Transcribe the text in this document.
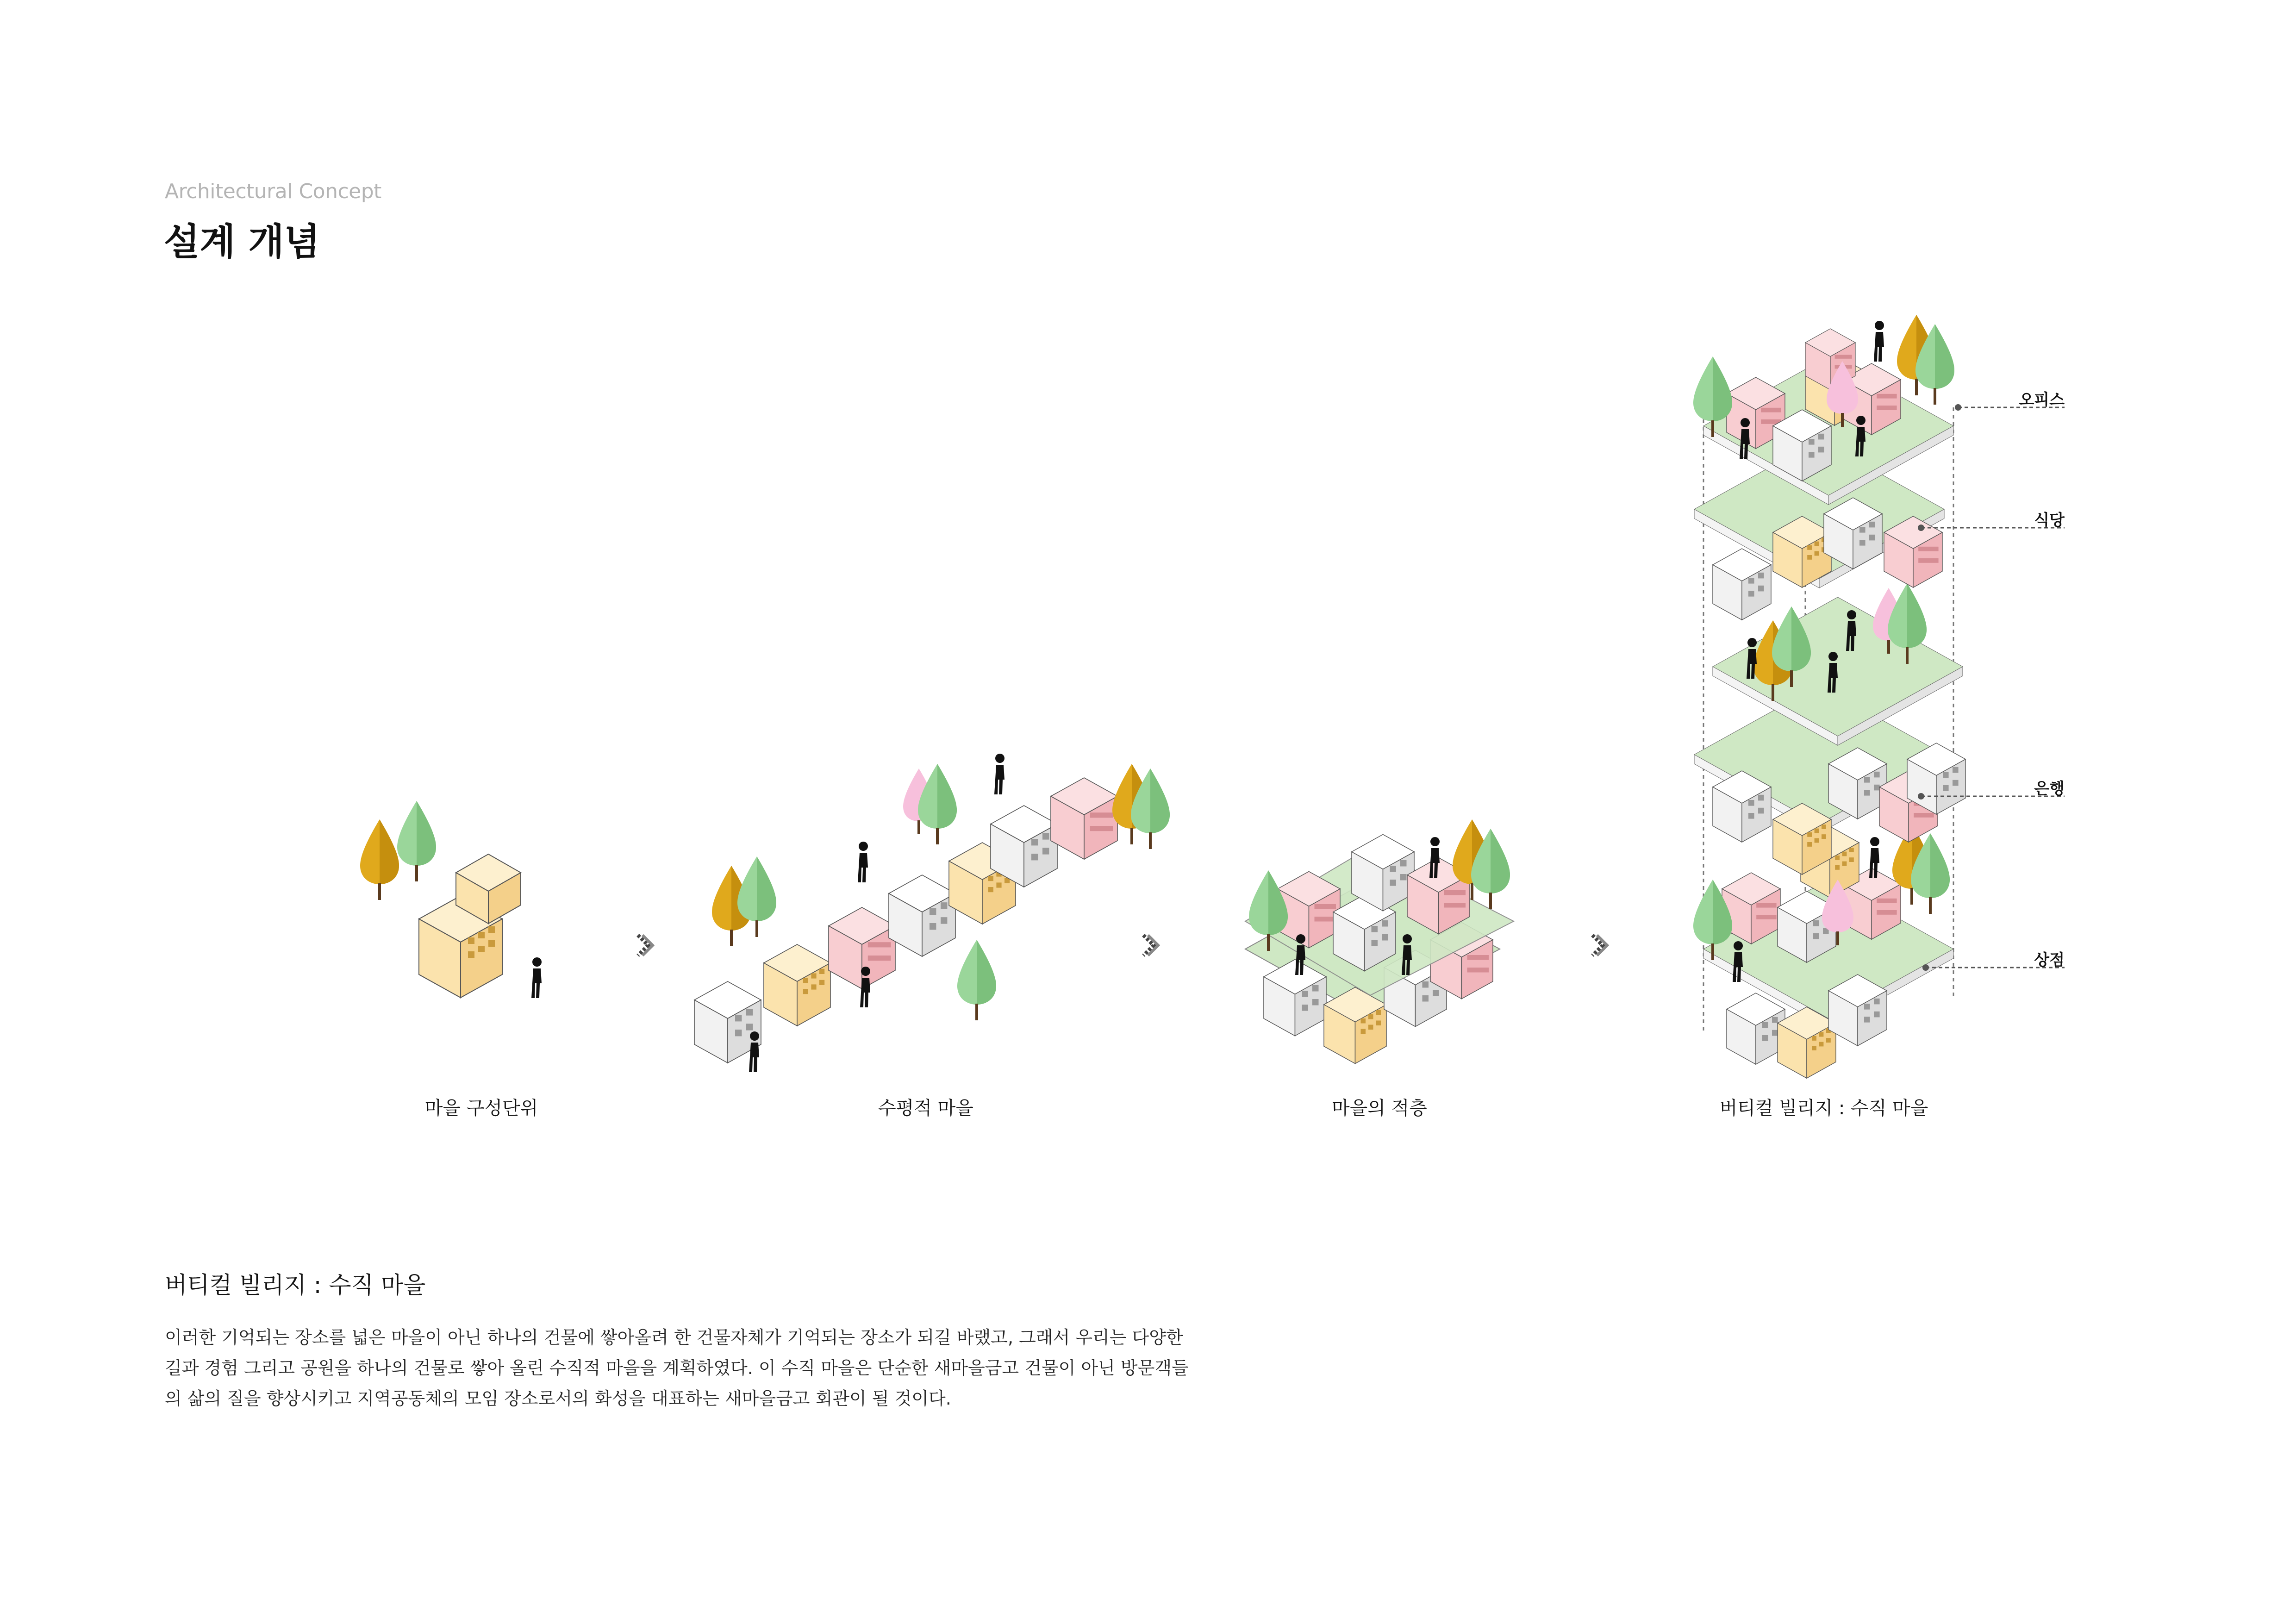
Architectural Concept
설계 개념
오피스
식당
은행
상점
마을 구성단위	수평적 마을	마을의 적층	버티컬 빌리지 : 수직 마을
버티컬 빌리지 : 수직 마을
이러한 기억되는 장소를 넓은 마을이 아닌 하나의 건물에 쌓아올려 한 건물자체가 기억되는 장소가 되길 바랬고, 그래서 우리는 다양한 길과 경험 그리고 공원을 하나의 건물로 쌓아 올린 수직적 마을을 계획하였다. 이 수직 마을은 단순한 새마을금고 건물이 아닌 방문객들의 삶의 질을 향상시키고 지역공동체의 모임 장소로서의 화성을 대표하는 새마을금고 회관이 될 것이다.
